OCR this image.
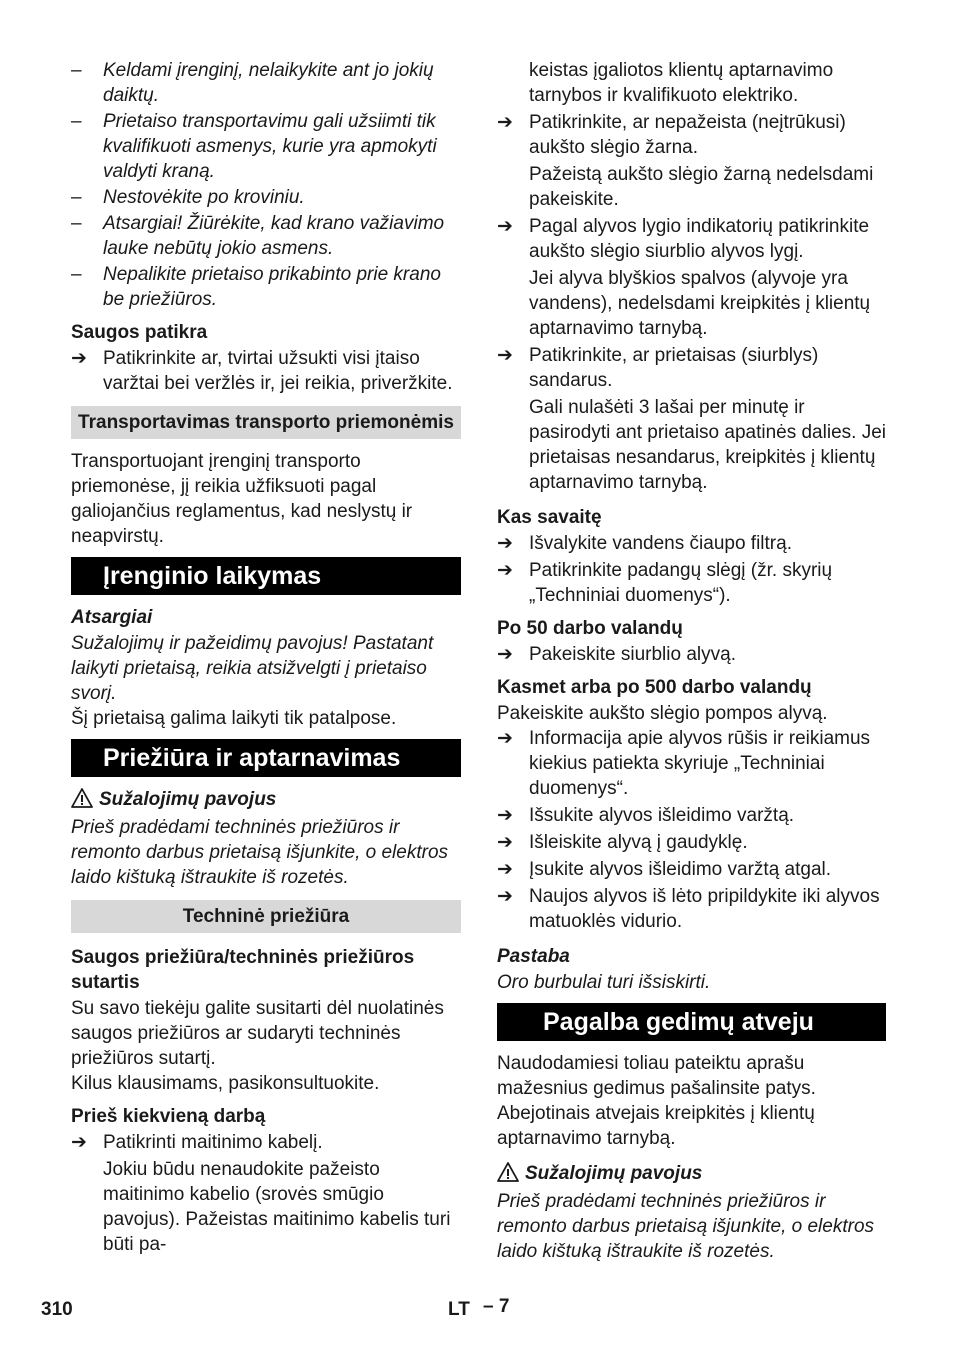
– Keldami įrenginį, nelaikykite ant jo jokių daiktų.
– Prietaiso transportavimu gali užsiimti tik kvalifikuoti asmenys, kurie yra apmokyti valdyti kraną.
– Nestovėkite po kroviniu.
– Atsargiai! Žiūrėkite, kad krano važiavimo lauke nebūtų jokio asmens.
– Nepalikite prietaiso prikabinto prie krano be priežiūros.
Saugos patikra
➔ Patikrinkite ar, tvirtai užsukti visi įtaiso varžtai bei veržlės ir, jei reikia, priveržkite.
Transportavimas transporto priemonėmis
Transportuojant įrenginį transporto priemonėse, jį reikia užfiksuoti pagal galiojančius reglamentus, kad neslystų ir neapvirstų.
Įrenginio laikymas
Atsargiai
Sužalojimų ir pažeidimų pavojus! Pastatant laikyti prietaisą, reikia atsižvelgti į prietaiso svorį.
Šį prietaisą galima laikyti tik patalpose.
Priežiūra ir aptarnavimas
Sužalojimų pavojus
Prieš pradėdami techninės priežiūros ir remonto darbus prietaisą išjunkite, o elektros laido kištuką ištraukite iš rozetės.
Techninė priežiūra
Saugos priežiūra/techninės priežiūros sutartis
Su savo tiekėju galite susitarti dėl nuolatinės saugos priežiūros ar sudaryti techninės priežiūros sutartį.
Kilus klausimams, pasikonsultuokite.
Prieš kiekvieną darbą
➔ Patikrinti maitinimo kabelį.
Jokiu būdu nenaudokite pažeisto maitinimo kabelio (srovės smūgio pavojus). Pažeistas maitinimo kabelis turi būti pa-
keistas įgaliotos klientų aptarnavimo tarnybos ir kvalifikuoto elektriko.
➔ Patikrinkite, ar nepažeista (neįtrūkusi) aukšto slėgio žarna.
Pažeistą aukšto slėgio žarną nedelsdami pakeiskite.
➔ Pagal alyvos lygio indikatorių patikrinkite aukšto slėgio siurblio alyvos lygį.
Jei alyva blyškios spalvos (alyvoje yra vandens), nedelsdami kreipkitės į klientų aptarnavimo tarnybą.
➔ Patikrinkite, ar prietaisas (siurblys) sandarus.
Gali nulašėti 3 lašai per minutę ir pasirodyti ant prietaiso apatinės dalies. Jei prietaisas nesandarus, kreipkitės į klientų aptarnavimo tarnybą.
Kas savaitę
➔ Išvalykite vandens čiaupo filtrą.
➔ Patikrinkite padangų slėgį (žr. skyrių „Techniniai duomenys“).
Po 50 darbo valandų
➔ Pakeiskite siurblio alyvą.
Kasmet arba po 500 darbo valandų
Pakeiskite aukšto slėgio pompos alyvą.
➔ Informacija apie alyvos rūšis ir reikiamus kiekius patiekta skyriuje „Techniniai duomenys“.
➔ Išsukite alyvos išleidimo varžtą.
➔ Išleiskite alyvą į gaudyklę.
➔ Įsukite alyvos išleidimo varžtą atgal.
➔ Naujos alyvos iš lėto pripildykite iki alyvos matuoklės vidurio.
Pastaba
Oro burbulai turi išsiskirti.
Pagalba gedimų atveju
Naudodamiesi toliau pateiktu aprašu mažesnius gedimus pašalinsite patys.
Abejotinais atvejais kreipkitės į klientų aptarnavimo tarnybą.
Sužalojimų pavojus
Prieš pradėdami techninės priežiūros ir remonto darbus prietaisą išjunkite, o elektros laido kištuką ištraukite iš rozetės.
310	LT – 7
